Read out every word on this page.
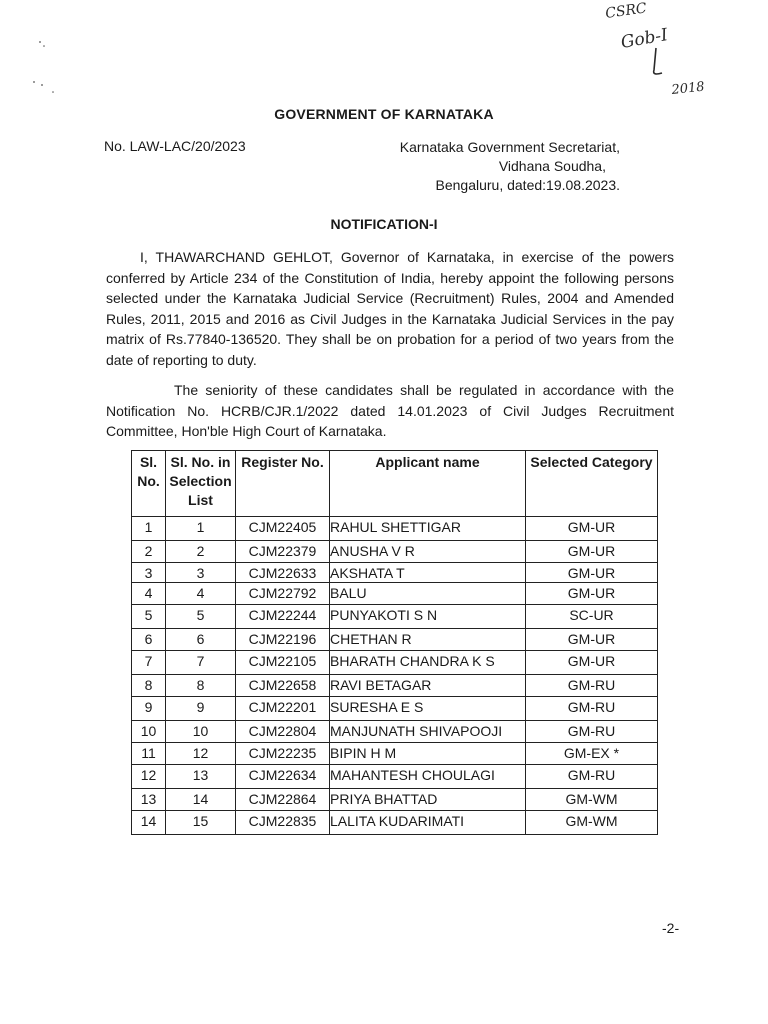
CSRC
Gob-I
2018
GOVERNMENT OF KARNATAKA
No. LAW-LAC/20/2023	Karnataka Government Secretariat,
Vidhana Soudha,
Bengaluru, dated:19.08.2023.
NOTIFICATION-I

I, THAWARCHAND GEHLOT, Governor of Karnataka, in exercise of the powers conferred by Article 234 of the Constitution of India, hereby appoint the following persons selected under the Karnataka Judicial Service (Recruitment) Rules, 2004 and Amended Rules, 2011, 2015 and 2016 as Civil Judges in the Karnataka Judicial Services in the pay matrix of Rs.77840-136520. They shall be on probation for a period of two years from the date of reporting to duty.

The seniority of these candidates shall be regulated in accordance with the Notification No. HCRB/CJR.1/2022 dated 14.01.2023 of Civil Judges Recruitment Committee, Hon'ble High Court of Karnataka.

Sl. No.	Sl. No. in Selection List	Register No.	Applicant name	Selected Category
1	1	CJM22405	RAHUL SHETTIGAR	GM-UR
2	2	CJM22379	ANUSHA V R	GM-UR
3	3	CJM22633	AKSHATA T	GM-UR
4	4	CJM22792	BALU	GM-UR
5	5	CJM22244	PUNYAKOTI S N	SC-UR
6	6	CJM22196	CHETHAN R	GM-UR
7	7	CJM22105	BHARATH CHANDRA K S	GM-UR
8	8	CJM22658	RAVI BETAGAR	GM-RU
9	9	CJM22201	SURESHA E S	GM-RU
10	10	CJM22804	MANJUNATH SHIVAPOOJI	GM-RU
11	12	CJM22235	BIPIN H M	GM-EX *
12	13	CJM22634	MAHANTESH CHOULAGI	GM-RU
13	14	CJM22864	PRIYA BHATTAD	GM-WM
14	15	CJM22835	LALITA KUDARIMATI	GM-WM
-2-
